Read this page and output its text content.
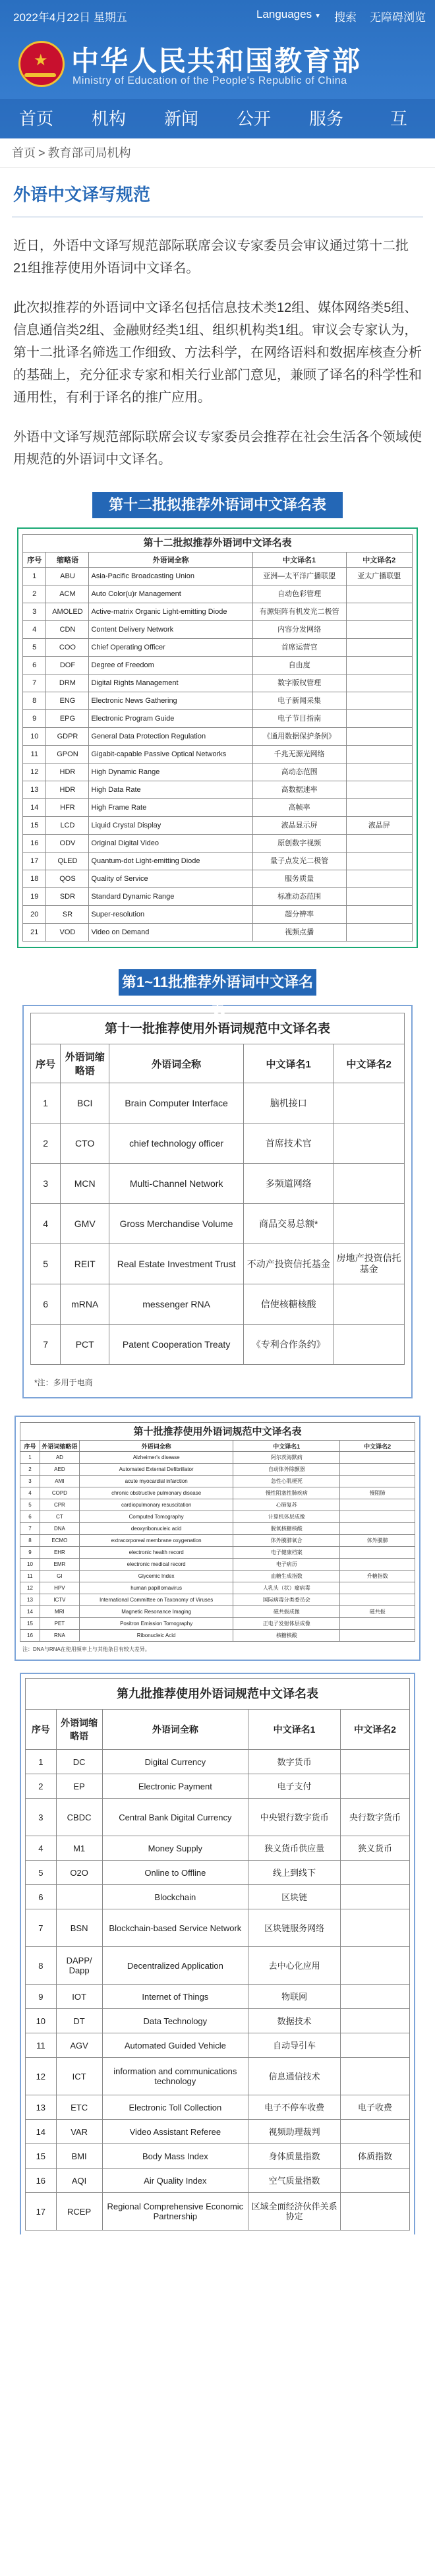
2022年4月22日 星期五	Languages ▼ 搜索 无障碍浏览
★ 中华人民共和国教育部
Ministry of Education of the People's Republic of China
首页	机构	新闻	公开	服务	互
首页 > 教育部司局机构
外语中文译写规范

近日，外语中文译写规范部际联席会议专家委员会审议通过第十二批21组推荐使用外语词中文译名。

此次拟推荐的外语词中文译名包括信息技术类12组、媒体网络类5组、信息通信类2组、金融财经类1组、组织机构类1组。审议会专家认为，第十二批译名筛选工作细致、方法科学，在网络语料和数据库核查分析的基础上，充分征求专家和相关行业部门意见，兼顾了译名的科学性和通用性，有利于译名的推广应用。

外语中文译写规范部际联席会议专家委员会推荐在社会生活各个领域使用规范的外语词中文译名。

第十二批拟推荐外语词中文译名表
第十二批拟推荐外语词中文译名表				
序号	缩略语	外语词全称	中文译名1	中文译名2
1	ABU	Asia-Pacific Broadcasting Union	亚洲—太平洋广播联盟	亚太广播联盟
2	ACM	Auto Color(u)r Management	自动色彩管理	
3	AMOLED	Active-matrix Organic Light-emitting Diode	有源矩阵有机发光二极管	
4	CDN	Content Delivery Network	内容分发网络	
5	COO	Chief Operating Officer	首席运营官	
6	DOF	Degree of Freedom	自由度	
7	DRM	Digital Rights Management	数字版权管理	
8	ENG	Electronic News Gathering	电子新闻采集	
9	EPG	Electronic Program Guide	电子节目指南	
10	GDPR	General Data Protection Regulation	《通用数据保护条例》	
11	GPON	Gigabit-capable Passive Optical Networks	千兆无源光网络	
12	HDR	High Dynamic Range	高动态范围	
13	HDR	High Data Rate	高数据速率	
14	HFR	High Frame Rate	高帧率	
15	LCD	Liquid Crystal Display	液晶显示屏	液晶屏
16	ODV	Original Digital Video	原创数字视频	
17	QLED	Quantum-dot Light-emitting Diode	量子点发光二极管	
18	QOS	Quality of Service	服务质量	
19	SDR	Standard Dynamic Range	标准动态范围	
20	SR	Super-resolution	超分辨率	
21	VOD	Video on Demand	视频点播	
第1~11批推荐外语词中文译名表
第十一批推荐使用外语词规范中文译名表				
序号	外语词缩略语	外语词全称	中文译名1	中文译名2
1	BCI	Brain Computer Interface	脑机接口	
2	CTO	chief technology officer	首席技术官	
3	MCN	Multi-Channel Network	多频道网络	
4	GMV	Gross Merchandise Volume	商品交易总额*	
5	REIT	Real Estate Investment Trust	不动产投资信托基金	房地产投资信托基金
6	mRNA	messenger RNA	信使核糖核酸	
7	PCT	Patent Cooperation Treaty	《专利合作条约》	
*注：多用于电商
第十批推荐使用外语词规范中文译名表				
序号	外语词缩略语	外语词全称	中文译名1	中文译名2
1	AD	Alzheimer's disease	阿尔茨海默病	
2	AED	Automated External Defibrillator	自动体外除颤器	
3	AMI	acute myocardial infarction	急性心肌梗死	
4	COPD	chronic obstructive pulmonary disease	慢性阻塞性肺疾病	慢阻肺
5	CPR	cardiopulmonary resuscitation	心肺复苏	
6	CT	Computed Tomography	计算机体层成像	
7	DNA	deoxyribonucleic acid	脱氧核糖核酸	
8	ECMO	extracorporeal membrane oxygenation	体外膜肺氧合	体外膜肺
9	EHR	electronic health record	电子健康档案	
10	EMR	electronic medical record	电子病历	
11	GI	Glycemic Index	血糖生成指数	升糖指数
12	HPV	human papillomavirus	人乳头（状）瘤病毒	
13	ICTV	International Committee on Taxonomy of Viruses	国际病毒分类委员会	
14	MRI	Magnetic Resonance Imaging	磁共振成像	磁共振
15	PET	Positron Emission Tomography	正电子发射体层成像	
16	RNA	Ribonucleic Acid	核糖核酸	
注：DNA与RNA在使用频率上与其他条目有较大差异。
第九批推荐使用外语词规范中文译名表				
序号	外语词缩略语	外语词全称	中文译名1	中文译名2
1	DC	Digital Currency	数字货币	
2	EP	Electronic Payment	电子支付	
3	CBDC	Central Bank Digital Currency	中央银行数字货币	央行数字货币
4	M1	Money Supply	狭义货币供应量	狭义货币
5	O2O	Online to Offline	线上到线下	
6		Blockchain	区块链	
7	BSN	Blockchain-based Service Network	区块链服务网络	
8	DAPP/ Dapp	Decentralized Application	去中心化应用	
9	IOT	Internet of Things	物联网	
10	DT	Data Technology	数据技术	
11	AGV	Automated Guided Vehicle	自动导引车	
12	ICT	information and communications technology	信息通信技术	
13	ETC	Electronic Toll Collection	电子不停车收费	电子收费
14	VAR	Video Assistant Referee	视频助理裁判	
15	BMI	Body Mass Index	身体质量指数	体质指数
16	AQI	Air Quality Index	空气质量指数	
17	RCEP	Regional Comprehensive Economic Partnership	区域全面经济伙伴关系协定	
